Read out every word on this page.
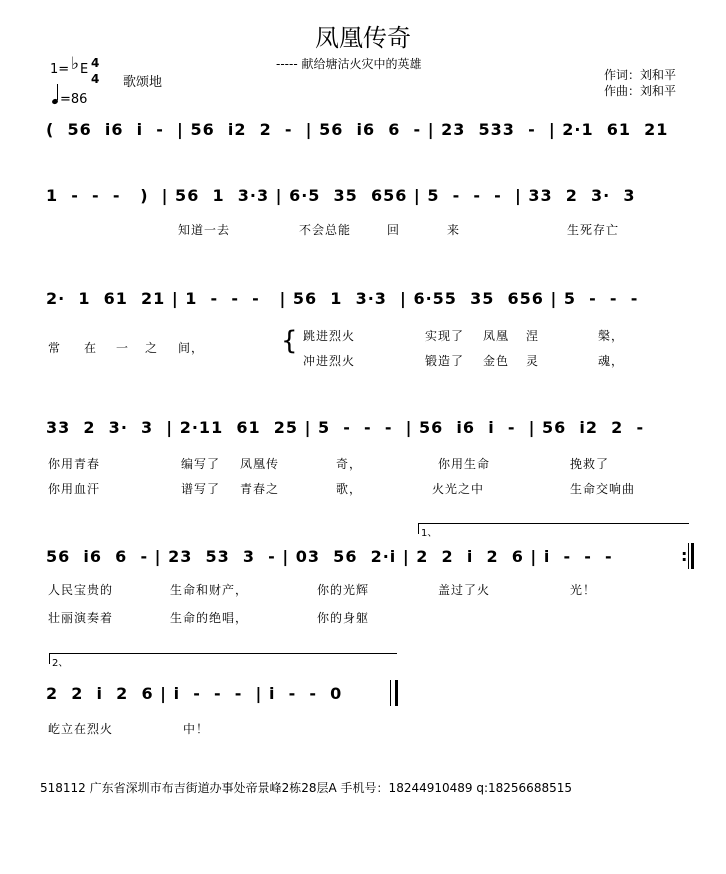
凤凰传奇
----- 献给塘沽火灾中的英雄
作词：刘和平
作曲：刘和平
1= ♭ E 4
4 歌颂地
=86
(  56  i6  i  -  | 56  i2  2  -  | 56  i6  6  - | 23  533  -  | 2·1  61  21
1  -  -  -   )  | 56  1  3·3 | 6·5  35  656 | 5  -  -  -  | 33  2  3·  3
知道一去	不会总能	回	来	生死存亡
2·  1  61  21 | 1  -  -  -   | 56  1  3·3  | 6·55  35  656 | 5  -  -  -
常 在 一 之 间，	{ 跳进烈火	实现了 凤凰 涅	槃，
冲进烈火	锻造了 金色 灵	魂，
33  2  3·  3  | 2·11  61  25 | 5  -  -  -  | 56  i6  i  -  | 56  i2  2  -
你用青春	编写了 凤凰传	奇，	你用生命	挽救了
你用血汗	谱写了 青春之	歌，	火光之中	生命交响曲
1、
56  i6  6  - | 23  53  3  - | 03  56  2·i | 2  2  i  2  6 | i  -  -  -
人民宝贵的	生命和财产，	你的光辉	盖过了火	光！
壮丽演奏着	生命的绝唱，	你的身躯
2、
2  2  i  2  6 | i  -  -  -  | i  -  -  0
屹立在烈火	中！
:
518112 广东省深圳市布吉街道办事处帝景峰2栋28层A 手机号：18244910489 q:18256688515
